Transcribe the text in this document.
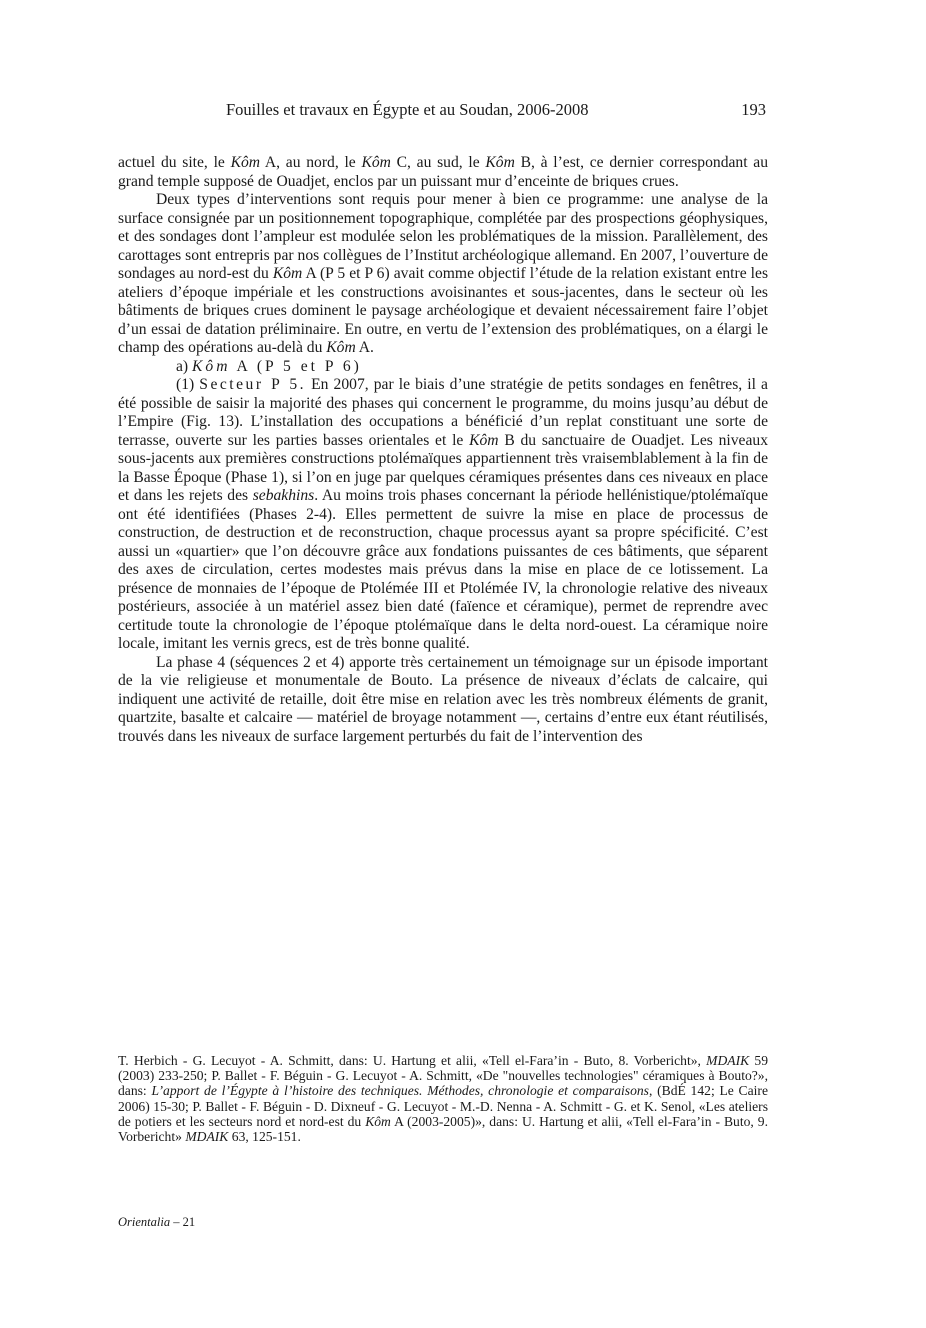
Fouilles et travaux en Égypte et au Soudan, 2006-2008	193

actuel du site, le Kôm A, au nord, le Kôm C, au sud, le Kôm B, à l’est, ce dernier correspondant au grand temple supposé de Ouadjet, enclos par un puissant mur d’enceinte de briques crues.

Deux types d’interventions sont requis pour mener à bien ce programme: une analyse de la surface consignée par un positionnement topographique, complétée par des prospections géophysiques, et des sondages dont l’ampleur est modulée selon les problématiques de la mission. Parallèlement, des carottages sont entrepris par nos collègues de l’Institut archéologique allemand. En 2007, l’ouverture de sondages au nord-est du Kôm A (P 5 et P 6) avait comme objectif l’étude de la relation existant entre les ateliers d’époque impériale et les constructions avoisinantes et sous-jacentes, dans le secteur où les bâtiments de briques crues dominent le paysage archéologique et devaient nécessairement faire l’objet d’un essai de datation préliminaire. En outre, en vertu de l’extension des problématiques, on a élargi le champ des opérations au-delà du Kôm A.

a) Kôm A (P 5 et P 6)

(1) Secteur P 5. En 2007, par le biais d’une stratégie de petits sondages en fenêtres, il a été possible de saisir la majorité des phases qui concernent le programme, du moins jusqu’au début de l’Empire (Fig. 13). L’installation des occupations a bénéficié d’un replat constituant une sorte de terrasse, ouverte sur les parties basses orientales et le Kôm B du sanctuaire de Ouadjet. Les niveaux sous-jacents aux premières constructions ptolémaïques appartiennent très vraisemblablement à la fin de la Basse Époque (Phase 1), si l’on en juge par quelques céramiques présentes dans ces niveaux en place et dans les rejets des sebakhins. Au moins trois phases concernant la période hellénistique/ptolémaïque ont été identifiées (Phases 2-4). Elles permettent de suivre la mise en place de processus de construction, de destruction et de reconstruction, chaque processus ayant sa propre spécificité. C’est aussi un «quartier» que l’on découvre grâce aux fondations puissantes de ces bâtiments, que séparent des axes de circulation, certes modestes mais prévus dans la mise en place de ce lotissement. La présence de monnaies de l’époque de Ptolémée III et Ptolémée IV, la chronologie relative des niveaux postérieurs, associée à un matériel assez bien daté (faïence et céramique), permet de reprendre avec certitude toute la chronologie de l’époque ptolémaïque dans le delta nord-ouest. La céramique noire locale, imitant les vernis grecs, est de très bonne qualité.

La phase 4 (séquences 2 et 4) apporte très certainement un témoignage sur un épisode important de la vie religieuse et monumentale de Bouto. La présence de niveaux d’éclats de calcaire, qui indiquent une activité de retaille, doit être mise en relation avec les très nombreux éléments de granit, quartzite, basalte et calcaire — matériel de broyage notamment —, certains d’entre eux étant réutilisés, trouvés dans les niveaux de surface largement perturbés du fait de l’intervention des

T. Herbich - G. Lecuyot - A. Schmitt, dans: U. Hartung et alii, «Tell el-Fara’in - Buto, 8. Vorbericht», MDAIK 59 (2003) 233-250; P. Ballet - F. Béguin - G. Lecuyot - A. Schmitt, «De "nouvelles technologies" céramiques à Bouto?», dans: L’apport de l’Égypte à l’histoire des techniques. Méthodes, chronologie et comparaisons, (BdÉ 142; Le Caire 2006) 15-30; P. Ballet - F. Béguin - D. Dixneuf - G. Lecuyot - M.-D. Nenna - A. Schmitt - G. et K. Senol, «Les ateliers de potiers et les secteurs nord et nord-est du Kôm A (2003-2005)», dans: U. Hartung et alii, «Tell el-Fara’in - Buto, 9. Vorbericht» MDAIK 63, 125-151.
Orientalia – 21
